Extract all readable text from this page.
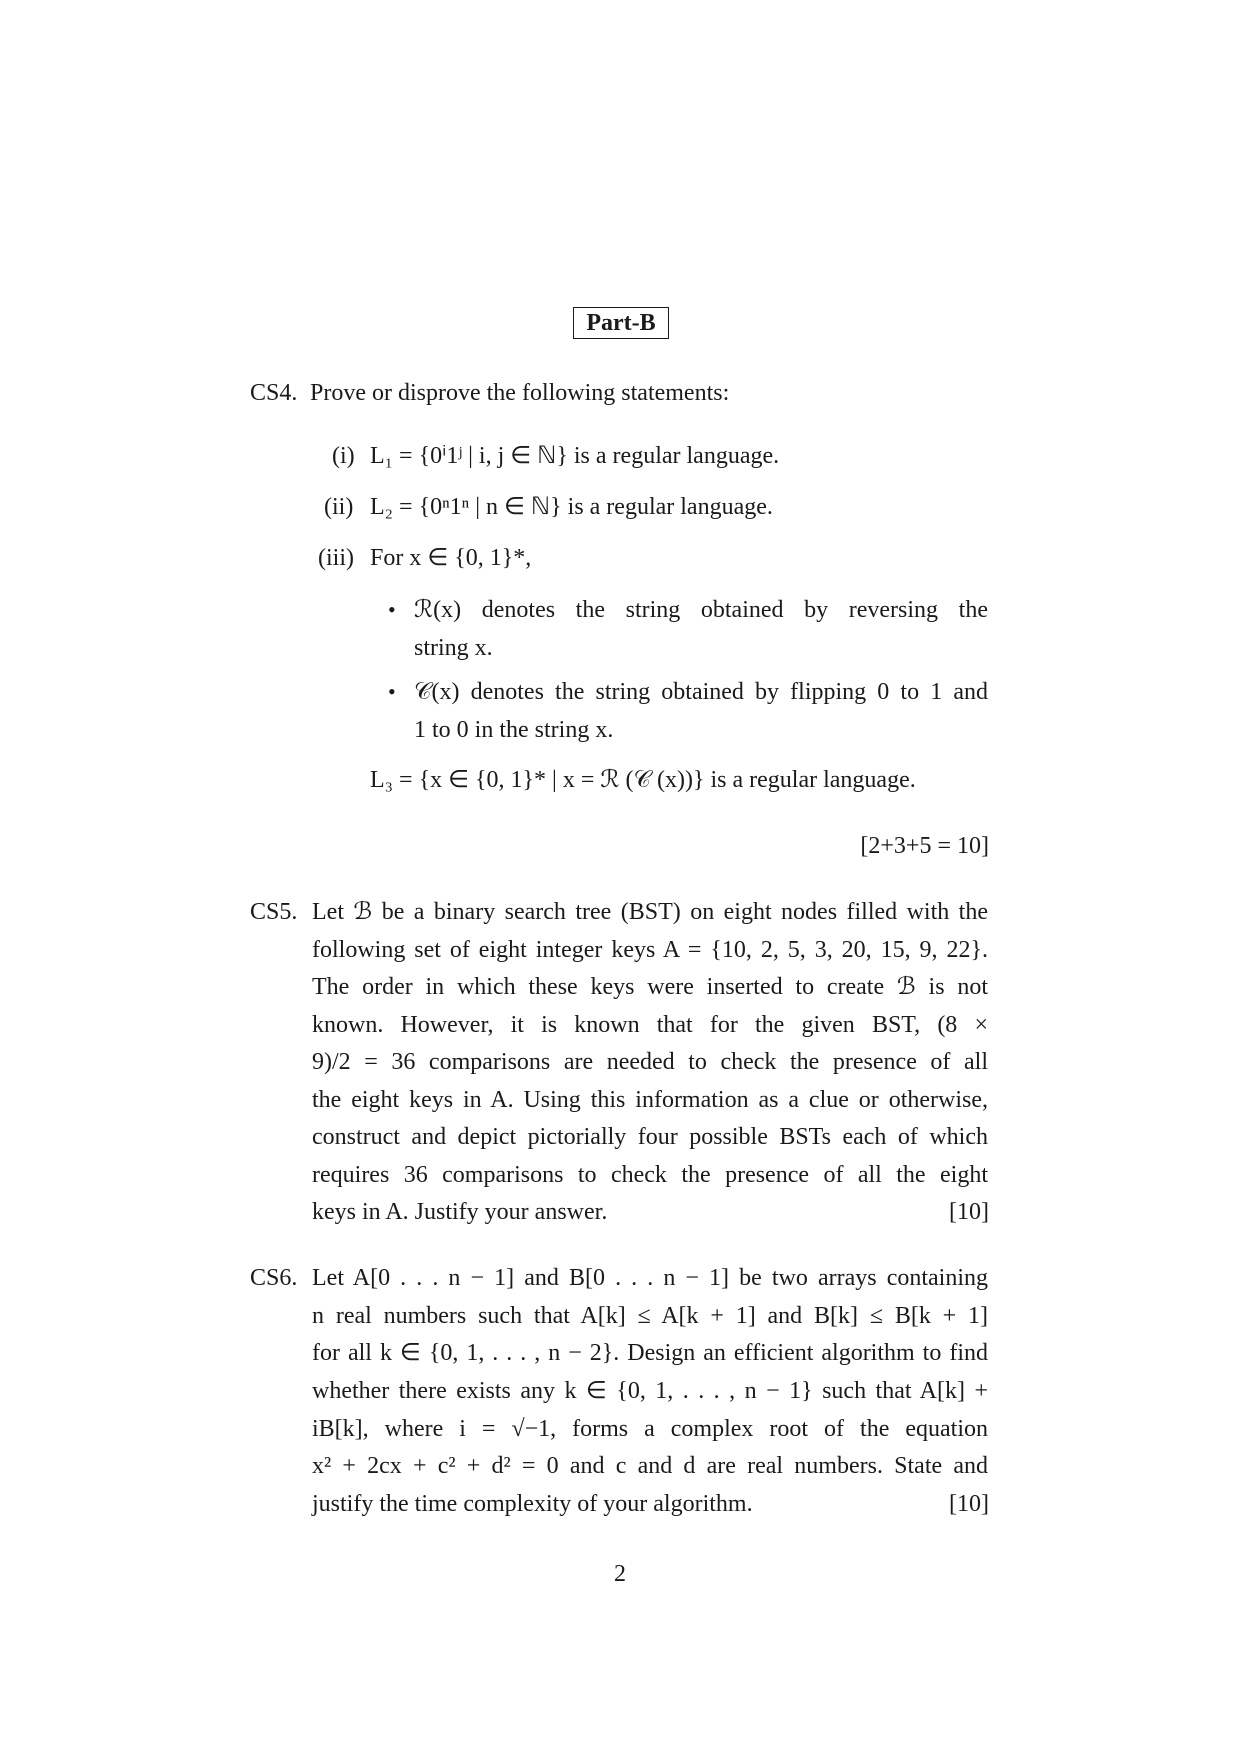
Part-B
CS4. Prove or disprove the following statements:
(i) L₁ = {0ⁱ1ʲ | i, j ∈ ℕ} is a regular language.
(ii) L₂ = {0ⁿ1ⁿ | n ∈ ℕ} is a regular language.
(iii) For x ∈ {0, 1}*,
• ℛ(x) denotes the string obtained by reversing the
string x.
• 𝒞(x) denotes the string obtained by flipping 0 to 1 and
1 to 0 in the string x.
L₃ = {x ∈ {0, 1}* | x = ℛ (𝒞 (x))} is a regular language.
[2+3+5 = 10]
CS5. Let ℬ be a binary search tree (BST) on eight nodes filled with the
following set of eight integer keys A = {10, 2, 5, 3, 20, 15, 9, 22}.
The order in which these keys were inserted to create ℬ is not
known. However, it is known that for the given BST, (8 ×
9)/2 = 36 comparisons are needed to check the presence of all
the eight keys in A. Using this information as a clue or otherwise,
construct and depict pictorially four possible BSTs each of which
requires 36 comparisons to check the presence of all the eight
keys in A. Justify your answer.	[10]
CS6. Let A[0 . . . n − 1] and B[0 . . . n − 1] be two arrays containing
n real numbers such that A[k] ≤ A[k + 1] and B[k] ≤ B[k + 1]
for all k ∈ {0, 1, . . . , n − 2}. Design an efficient algorithm to find
whether there exists any k ∈ {0, 1, . . . , n − 1} such that A[k] +
iB[k], where i = √−1, forms a complex root of the equation
x² + 2cx + c² + d² = 0 and c and d are real numbers. State and
justify the time complexity of your algorithm.	[10]
2
